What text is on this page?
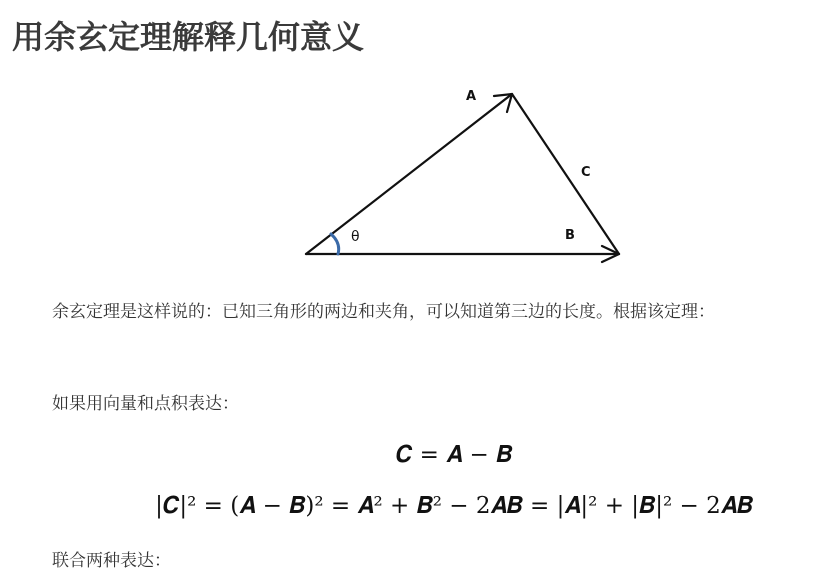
用余玄定理解释几何意义
A
C
B
θ

余玄定理是这样说的：已知三角形的两边和夹角，可以知道第三边的长度。根据该定理：

如果用向量和点积表达：

𝑪 = 𝑨 − 𝑩
|𝑪|² = (𝑨 − 𝑩)² = 𝑨² + 𝑩² − 2𝑨𝑩 = |𝑨|² + |𝑩|² − 2𝑨𝑩

联合两种表达：
